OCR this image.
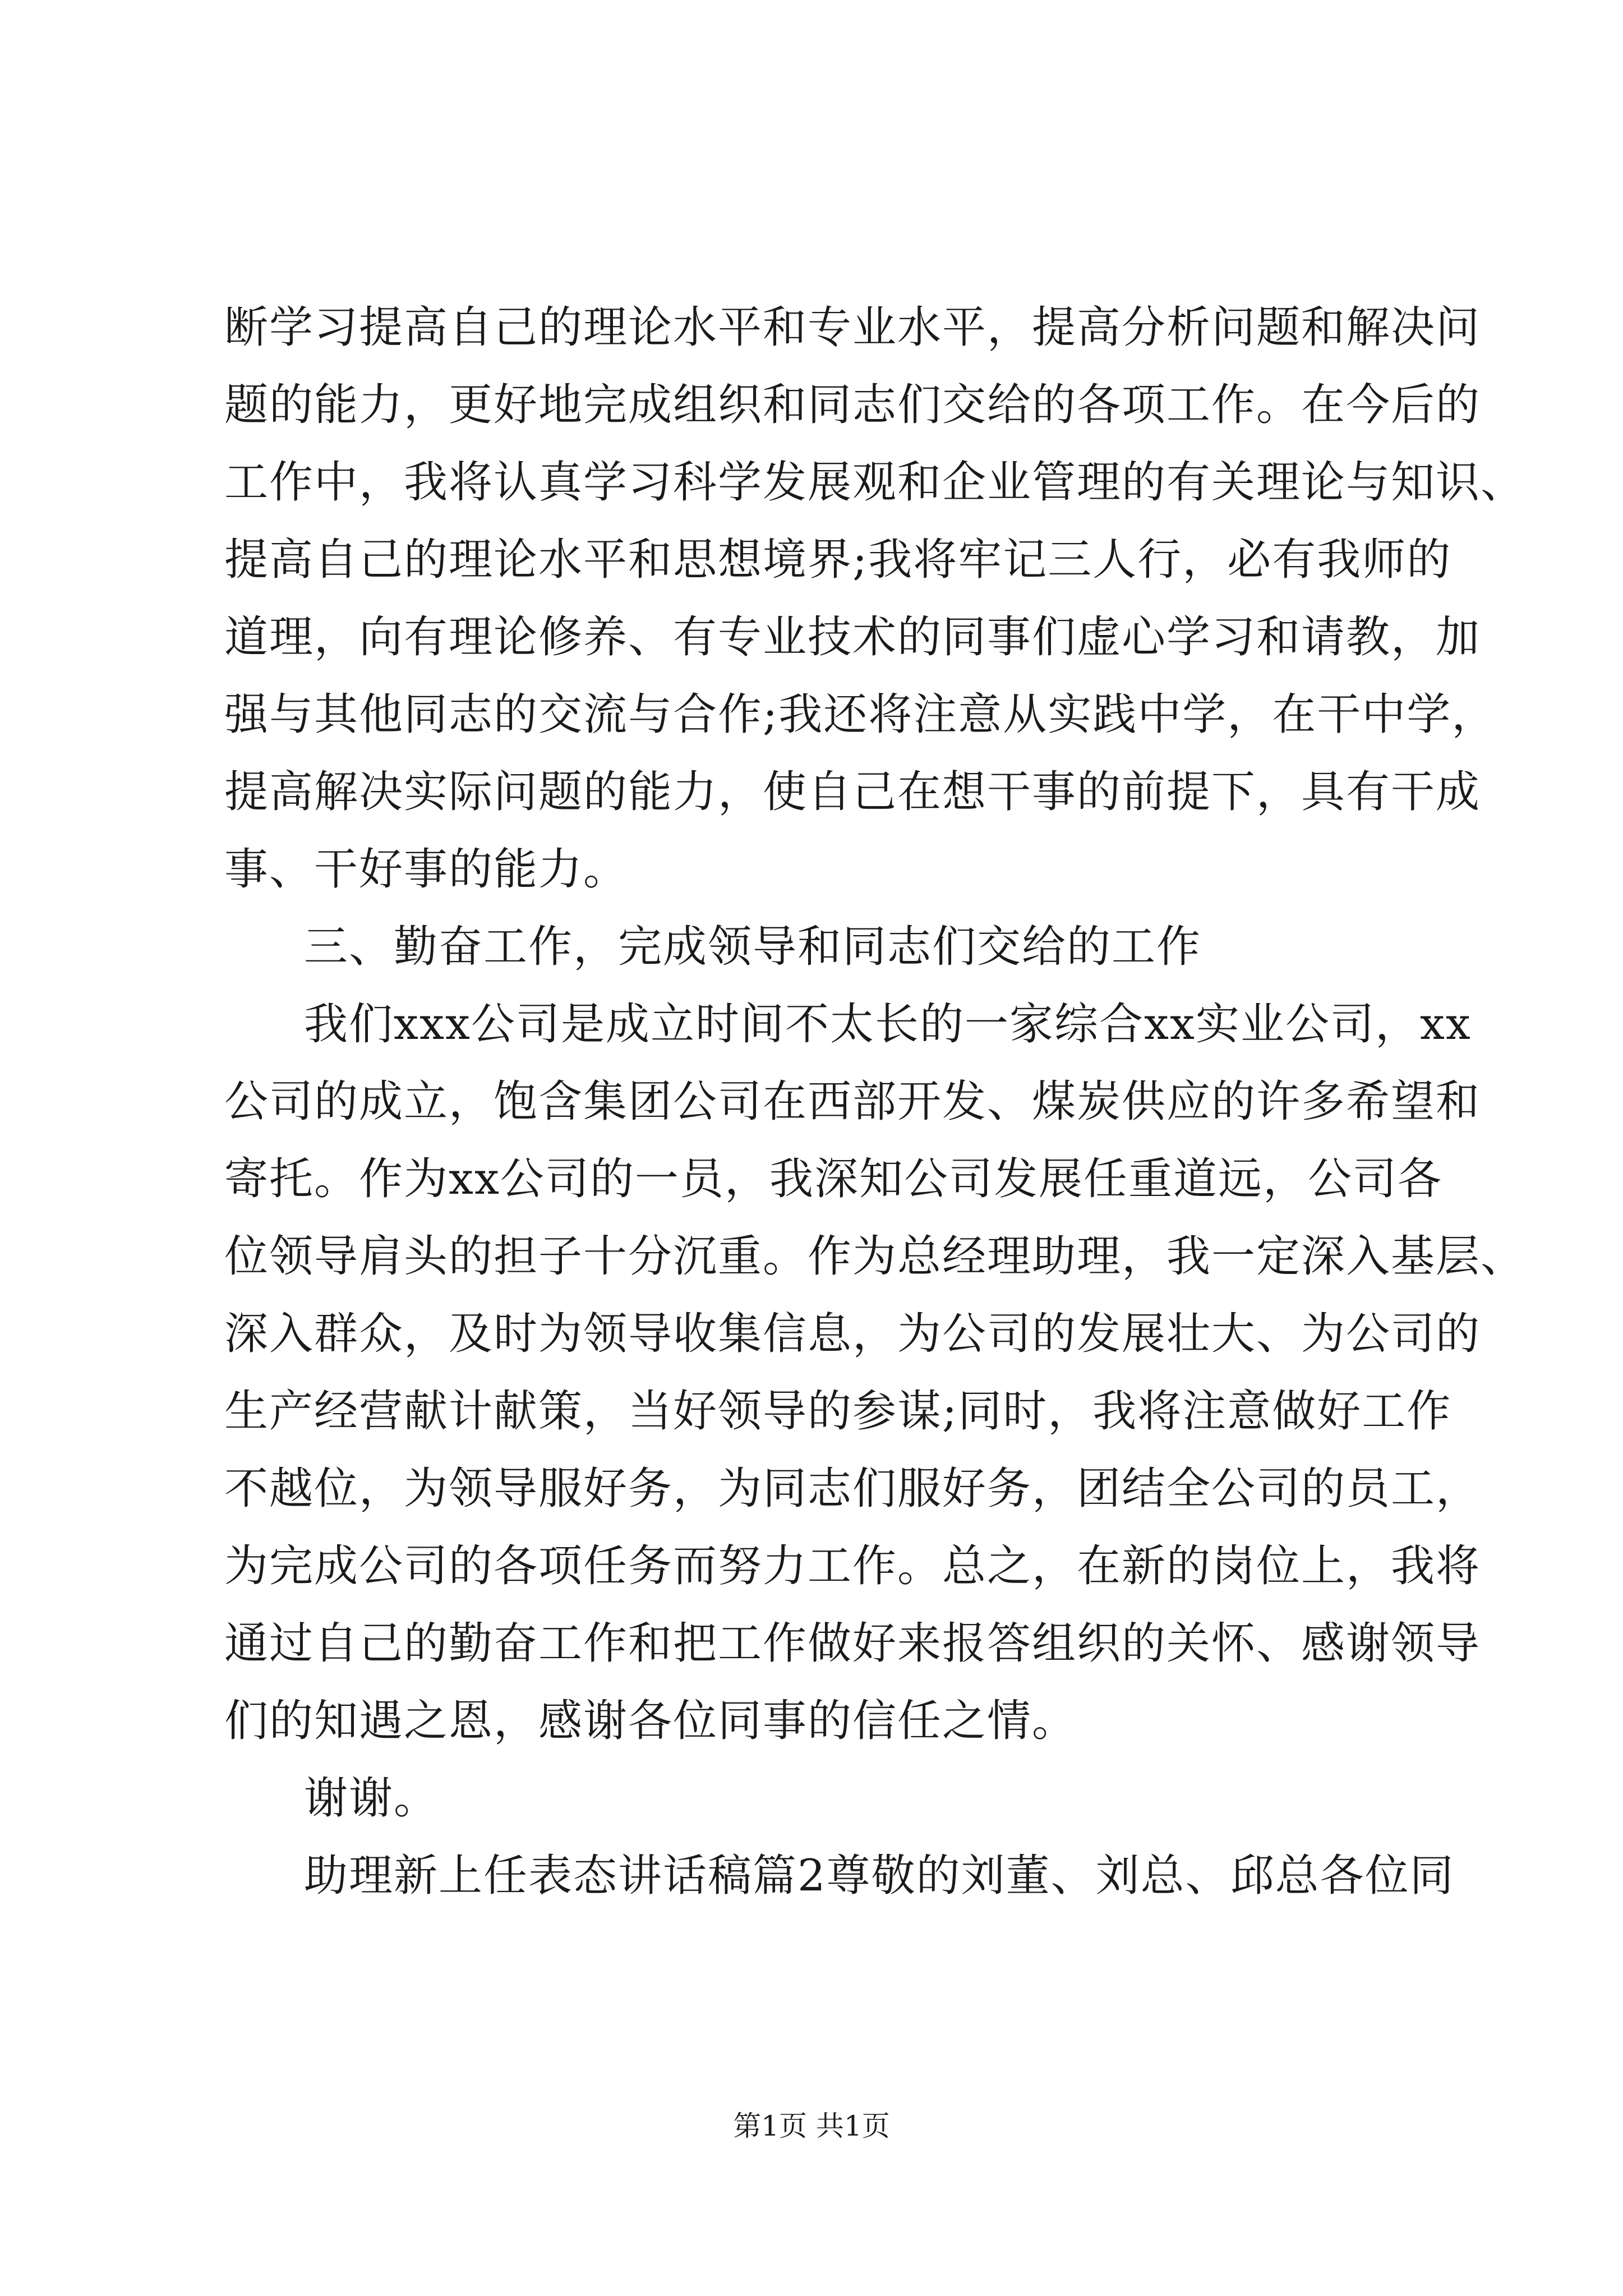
断学习提高自己的理论水平和专业水平，提高分析问题和解决问

题的能力，更好地完成组织和同志们交给的各项工作。在今后的

工作中，我将认真学习科学发展观和企业管理的有关理论与知识、

提高自己的理论水平和思想境界;我将牢记三人行，必有我师的

道理，向有理论修养、有专业技术的同事们虚心学习和请教，加

强与其他同志的交流与合作;我还将注意从实践中学，在干中学，

提高解决实际问题的能力，使自己在想干事的前提下，具有干成

事、干好事的能力。

三、勤奋工作，完成领导和同志们交给的工作

我们xxx公司是成立时间不太长的一家综合xx实业公司，xx

公司的成立，饱含集团公司在西部开发、煤炭供应的许多希望和

寄托。作为xx公司的一员，我深知公司发展任重道远，公司各

位领导肩头的担子十分沉重。作为总经理助理，我一定深入基层、

深入群众，及时为领导收集信息，为公司的发展壮大、为公司的

生产经营献计献策，当好领导的参谋;同时，我将注意做好工作

不越位，为领导服好务，为同志们服好务，团结全公司的员工，

为完成公司的各项任务而努力工作。总之，在新的岗位上，我将

通过自己的勤奋工作和把工作做好来报答组织的关怀、感谢领导

们的知遇之恩，感谢各位同事的信任之情。

谢谢。

助理新上任表态讲话稿篇2尊敬的刘董、刘总、邱总各位同

第1页 共1页
